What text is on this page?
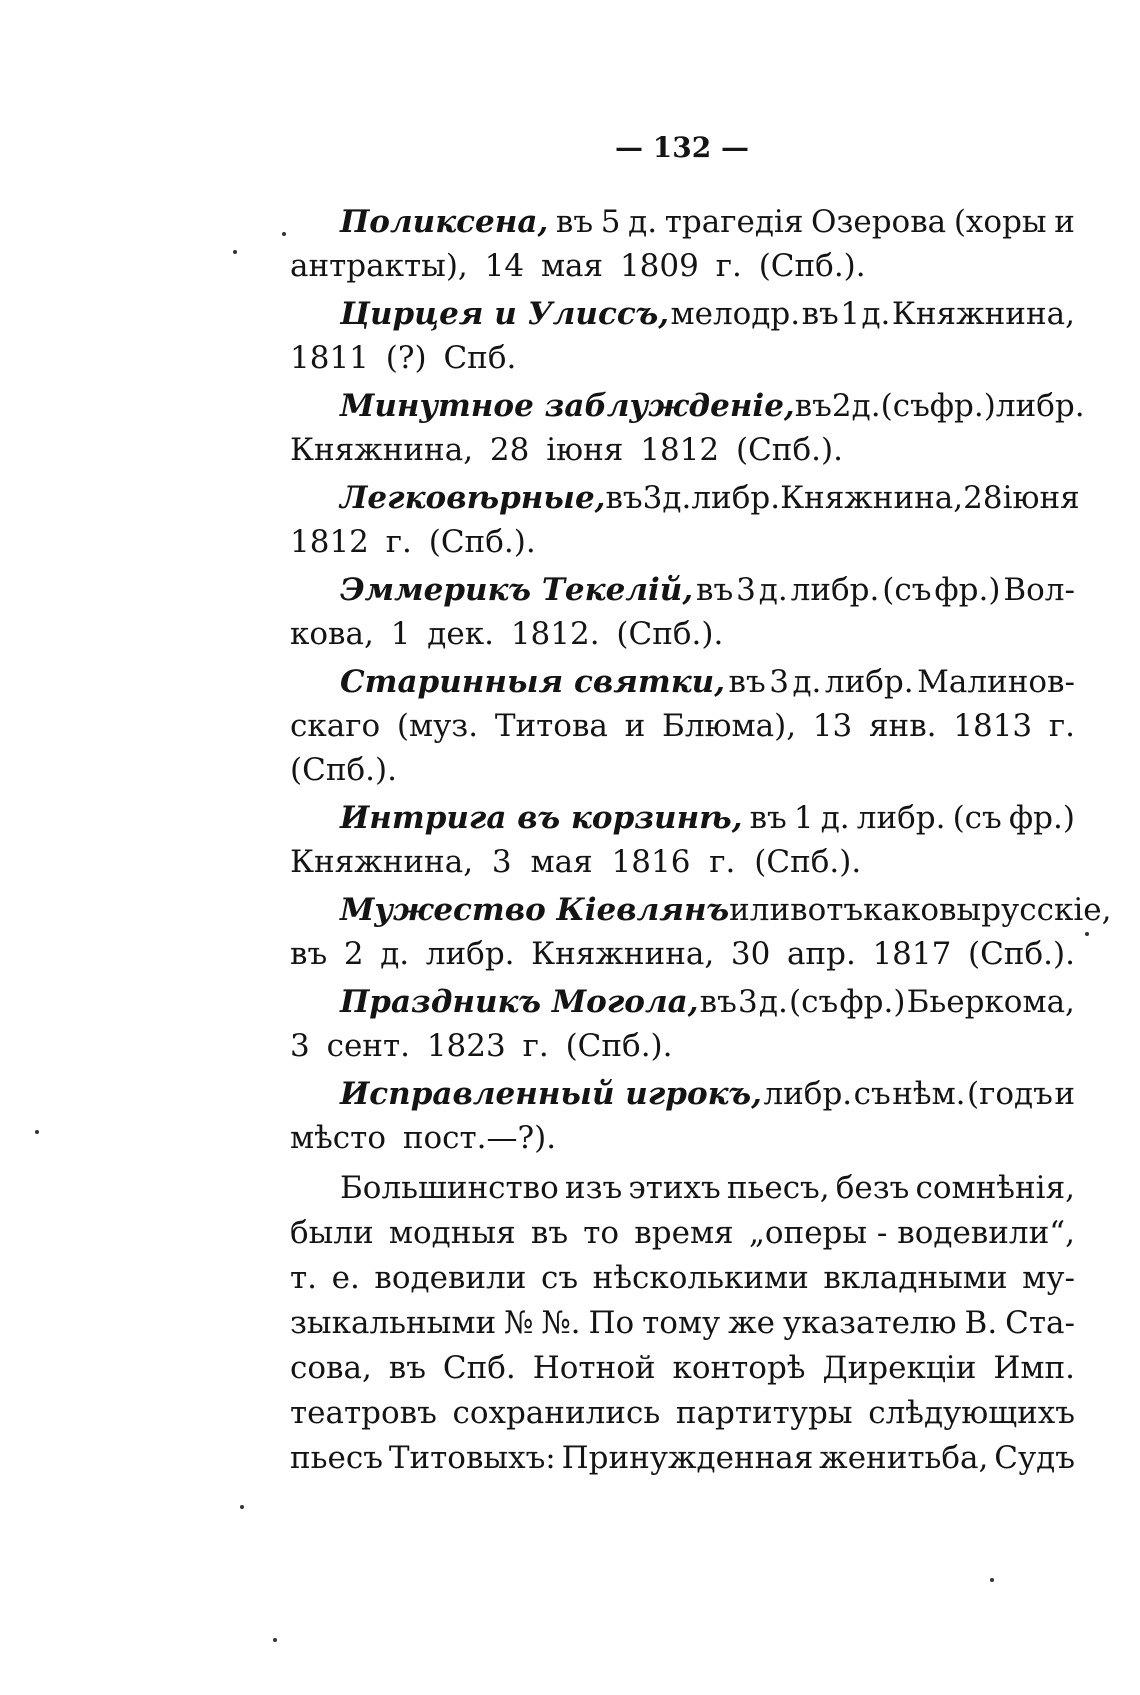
— 132 —
Поликсена, въ 5 д. трагедія Озерова (хоры и
антракты), 14 мая 1809 г. (Спб.).
Цирцея и Улиссъ, мелодр. въ 1 д. Княжнина,
1811 (?) Спб.
Минутное заблужденіе, въ 2 д. (съ фр.) либр.
Княжнина, 28 іюня 1812 (Спб.).
Легковѣрные, въ 3 д. либр. Княжнина, 28 іюня
1812 г. (Спб.).
Эммерикъ Текелій, въ 3 д. либр. (съ фр.) Вол-
кова, 1 дек. 1812. (Спб.).
Старинныя святки, въ 3 д. либр. Малинов-
скаго (муз. Титова и Блюма), 13 янв. 1813 г.
(Спб.).
Интрига въ корзинѣ, въ 1 д. либр. (съ фр.)
Княжнина, 3 мая 1816 г. (Спб.).
Мужество Кіевлянъ или вотъ каковы русскіе,
въ 2 д. либр. Княжнина, 30 апр. 1817 (Спб.).
Праздникъ Могола, въ 3 д. (съ фр.) Бьеркома,
3 сент. 1823 г. (Спб.).
Исправленный игрокъ, либр. съ нѣм. (годъ и
мѣсто пост.—?).
Большинство изъ этихъ пьесъ, безъ сомнѣнія,
были модныя въ то время „оперы - водевили“,
т. е. водевили съ нѣсколькими вкладными му-
зыкальными № №. По тому же указателю В. Ста-
сова, въ Спб. Нотной конторѣ Дирекціи Имп.
театровъ сохранились партитуры слѣдующихъ
пьесъ Титовыхъ: Принужденная женитьба, Судъ
